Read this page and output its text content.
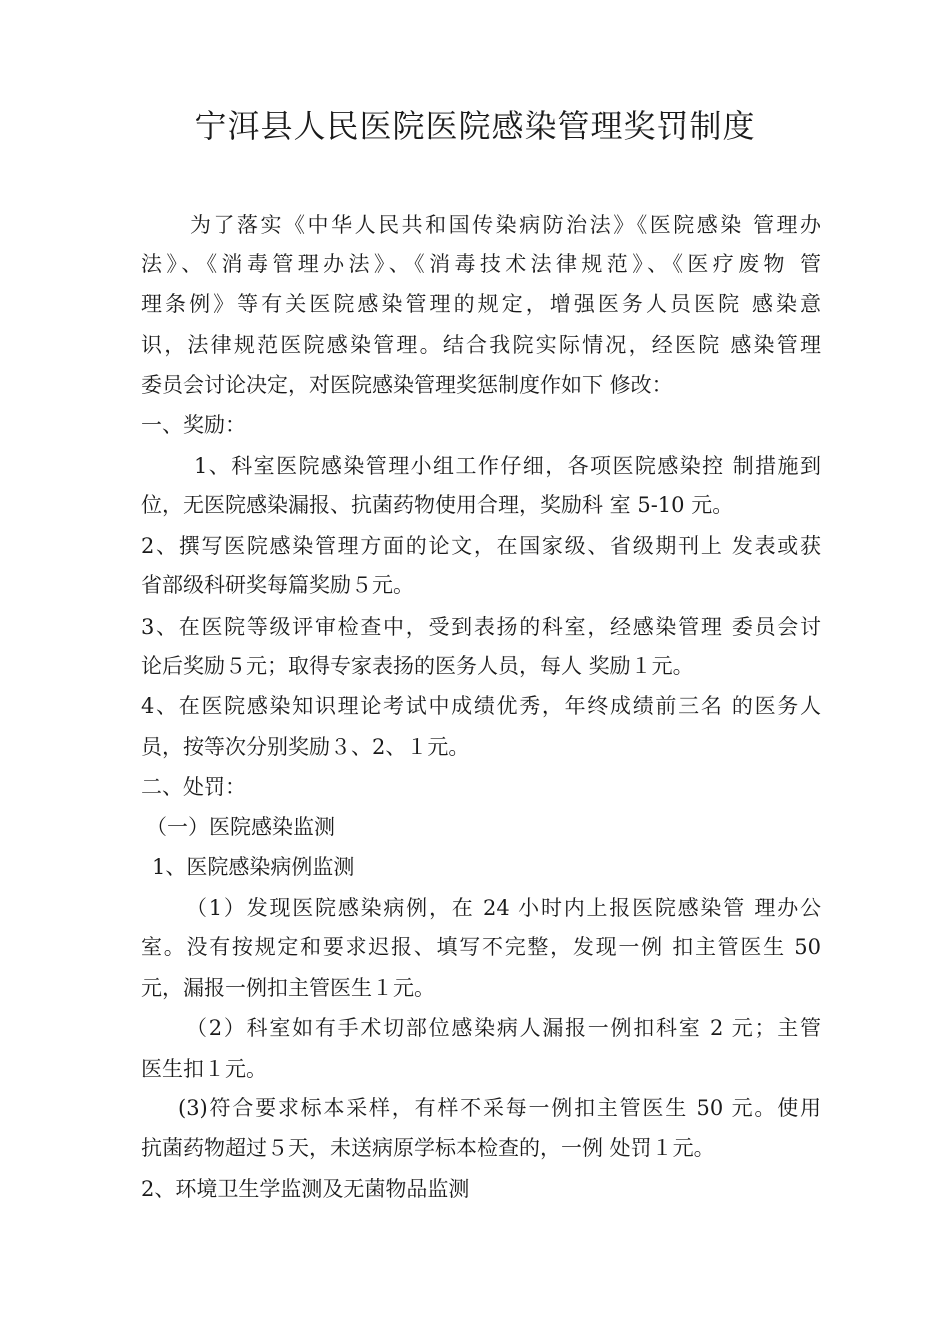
宁洱县人民医院医院感染管理奖罚制度
为了落实《中华人民共和国传染病防治法》《医院感染 管理办
法》、《消毒管理办法》、《消毒技术法律规范》、《医疗废物 管
理条例》等有关医院感染管理的规定，增强医务人员医院 感染意
识，法律规范医院感染管理。结合我院实际情况，经医院 感染管理
委员会讨论决定，对医院感染管理奖惩制度作如下 修改：
一、奖励：
1、科室医院感染管理小组工作仔细，各项医院感染控 制措施到
位，无医院感染漏报、抗菌药物使用合理，奖励科 室 5-10 元。
2、撰写医院感染管理方面的论文，在国家级、省级期刊上 发表或获
省部级科研奖每篇奖励５元。
3、在医院等级评审检查中，受到表扬的科室，经感染管理 委员会讨
论后奖励５元；取得专家表扬的医务人员，每人 奖励１元。
4、在医院感染知识理论考试中成绩优秀，年终成绩前三名 的医务人
员，按等次分别奖励３、2、１元。
二、处罚：
（一）医院感染监测
1、医院感染病例监测
（1）发现医院感染病例，在 24 小时内上报医院感染管 理办公
室。没有按规定和要求迟报、填写不完整，发现一例 扣主管医生 50
元，漏报一例扣主管医生１元。
（2）科室如有手术切部位感染病人漏报一例扣科室 2 元；主管
医生扣１元。
(3)符合要求标本采样，有样不采每一例扣主管医生 50 元。使用
抗菌药物超过５天，未送病原学标本检查的，一例 处罚１元。
2、环境卫生学监测及无菌物品监测
